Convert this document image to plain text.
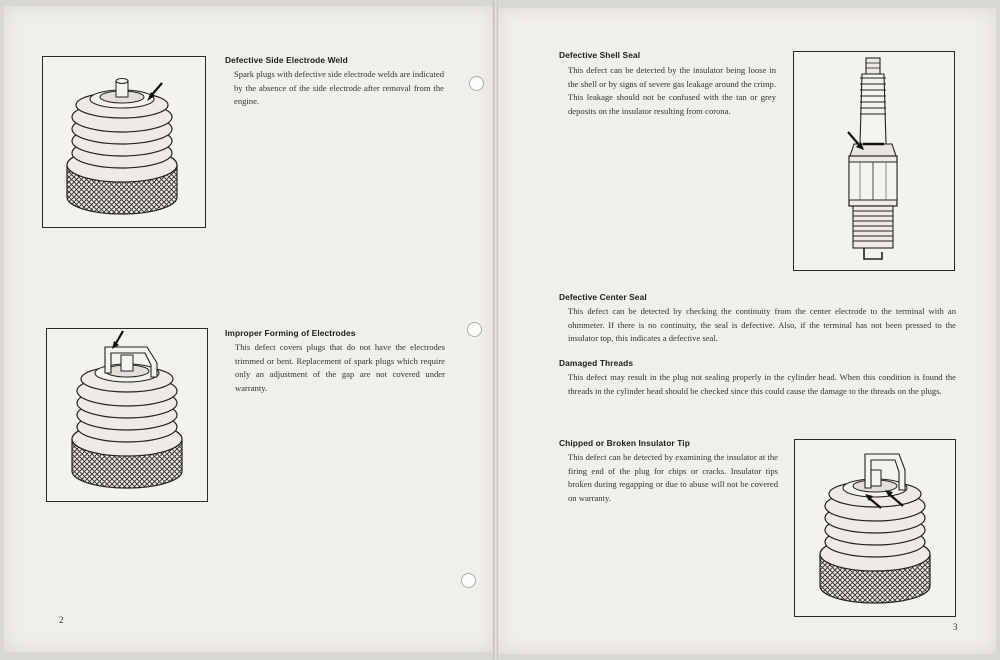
Defective Side Electrode Weld

Spark plugs with defective side electrode welds are indicated by the absence of the side electrode after removal from the engine.

Improper Forming of Electrodes

This defect covers plugs that do not have the electrodes trimmed or bent. Replacement of spark plugs which require only an adjustment of the gap are not covered under warranty.

2

Defective Shell Seal

This defect can be detected by the insulator being loose in the shell or by signs of severe gas leakage around the crimp. This leakage should not be confused with the tan or grey deposits on the insulator resulting from corona.

Defective Center Seal

This defect can be detected by checking the continuity from the center electrode to the terminal with an ohmmeter. If there is no continuity, the seal is defective. Also, if the terminal has not been pressed to the insulator top, this indicates a defective seal.

Damaged Threads

This defect may result in the plug not sealing properly in the cylinder head. When this condition is found the threads in the cylinder head should be checked since this could cause the damage to the threads on the plugs.

Chipped or Broken Insulator Tip

This defect can be detected by examining the insulator at the firing end of the plug for chips or cracks. Insulator tips broken during regapping or due to abuse will not be covered on warranty.

3
